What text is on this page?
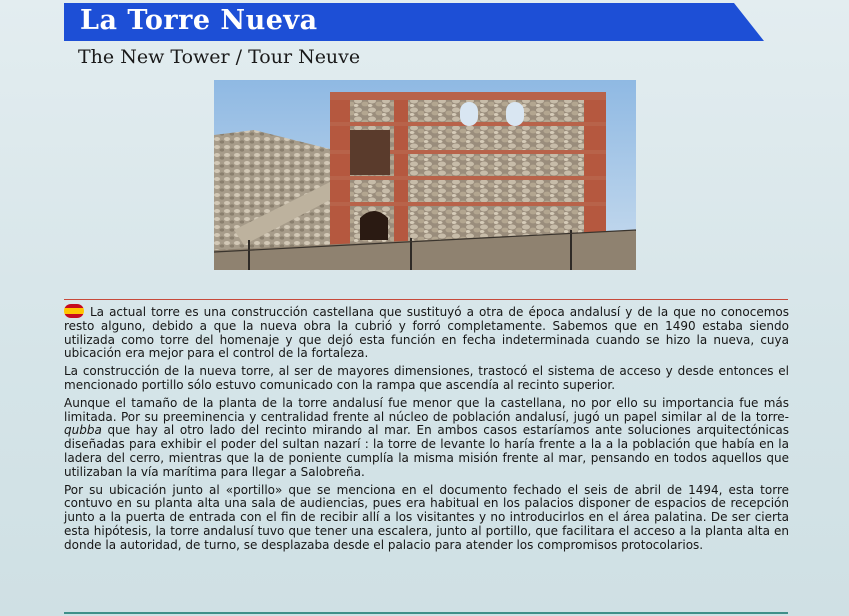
La Torre Nueva
The New Tower / Tour Neuve

La actual torre es una construcción castellana que sustituyó a otra de época andalusí y de la que no conocemos resto alguno, debido a que la nueva obra la cubrió y forró completamente. Sabemos que en 1490 estaba siendo utilizada como torre del homenaje y que dejó esta función en fecha indeterminada cuando se hizo la nueva, cuya ubicación era mejor para el control de la fortaleza.

La construcción de la nueva torre, al ser de mayores dimensiones, trastocó el sistema de acceso y desde entonces el mencionado portillo sólo estuvo comunicado con la rampa que ascendía al recinto superior.

Aunque el tamaño de la planta de la torre andalusí fue menor que la castellana, no por ello su importancia fue más limitada. Por su preeminencia y centralidad frente al núcleo de población andalusí, jugó un papel similar al de la torre-qubba que hay al otro lado del recinto mirando al mar. En ambos casos estaríamos ante soluciones arquitectónicas diseñadas para exhibir el poder del sultan nazarí : la torre de levante lo haría frente a la a la población que había en la ladera del cerro, mientras que la de poniente cumplía la misma misión frente al mar, pensando en todos aquellos que utilizaban la vía marítima para llegar a Salobreña.

Por su ubicación junto al «portillo» que se menciona en el documento fechado el seis de abril de 1494, esta torre contuvo en su planta alta una sala de audiencias, pues era habitual en los palacios disponer de espacios de recepción junto a la puerta de entrada con el fin de recibir allí a los visitantes y no introducirlos en el área palatina. De ser cierta esta hipótesis, la torre andalusí tuvo que tener una escalera, junto al portillo, que facilitara el acceso a la planta alta en donde la autoridad, de turno, se desplazaba desde el palacio para atender los compromisos protocolarios.
